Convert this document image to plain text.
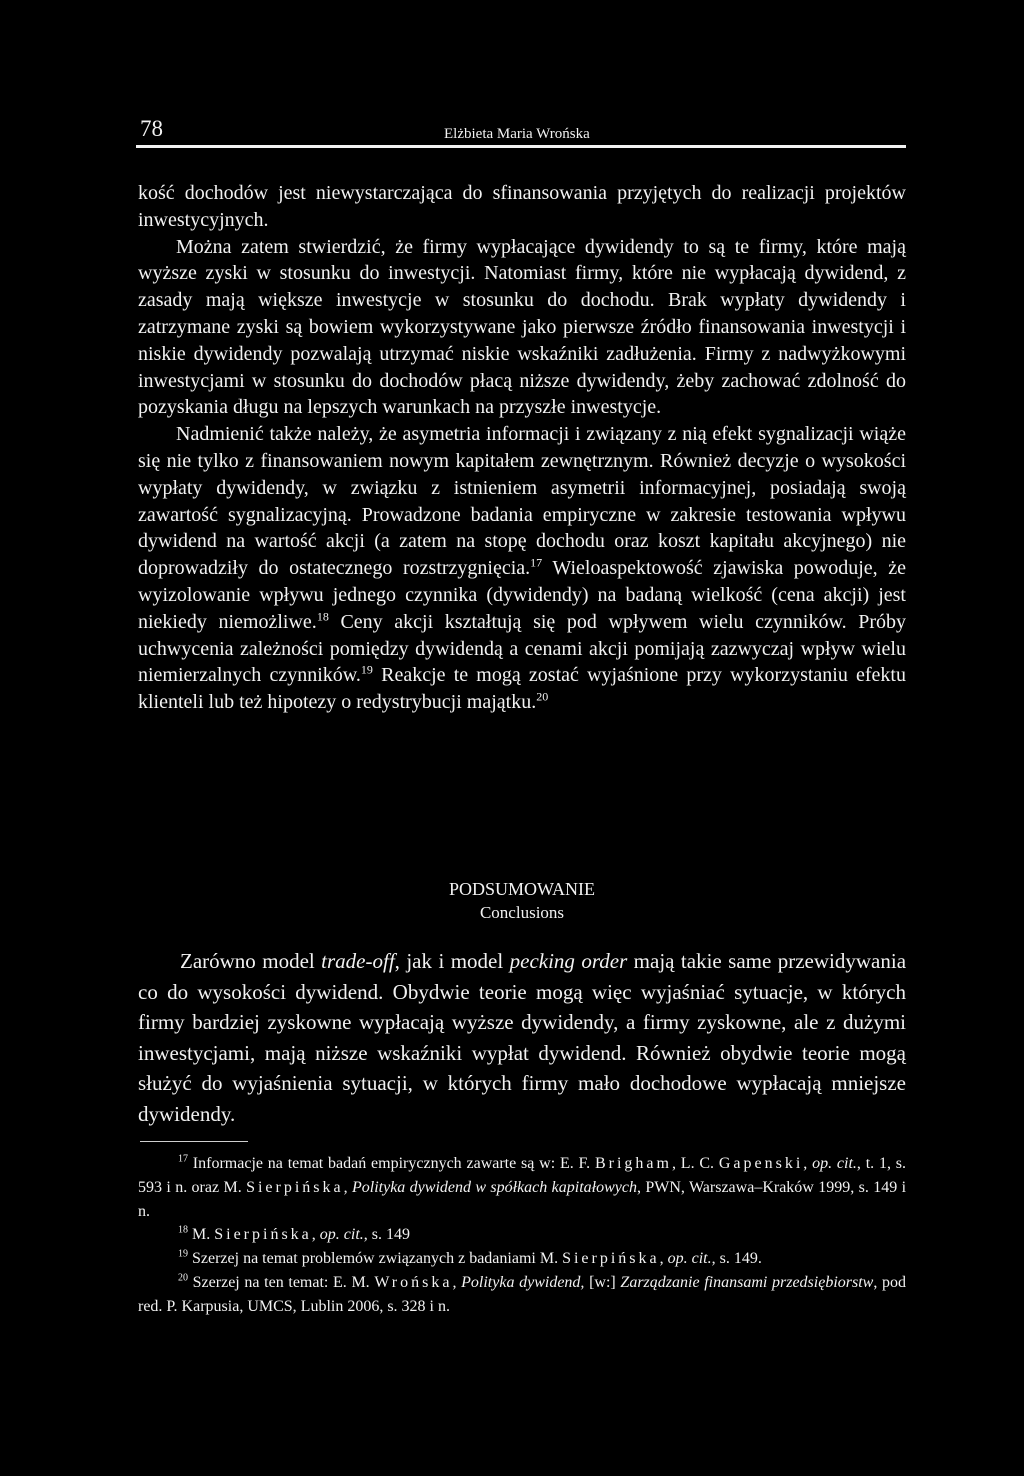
78	Elżbieta Maria Wrońska

kość dochodów jest niewystarczająca do sfinansowania przyjętych do realizacji projektów inwestycyjnych.

Można zatem stwierdzić, że firmy wypłacające dywidendy to są te firmy, które mają wyższe zyski w stosunku do inwestycji. Natomiast firmy, które nie wypłacają dywidend, z zasady mają większe inwestycje w stosunku do dochodu. Brak wypłaty dywidendy i zatrzymane zyski są bowiem wykorzystywane jako pierwsze źródło finansowania inwestycji i niskie dywidendy pozwalają utrzymać niskie wskaźniki zadłużenia. Firmy z nadwyżkowymi inwestycjami w stosunku do dochodów płacą niższe dywidendy, żeby zachować zdolność do pozyskania długu na lepszych warunkach na przyszłe inwestycje.

Nadmienić także należy, że asymetria informacji i związany z nią efekt sygnalizacji wiąże się nie tylko z finansowaniem nowym kapitałem zewnętrznym. Również decyzje o wysokości wypłaty dywidendy, w związku z istnieniem asymetrii informacyjnej, posiadają swoją zawartość sygnalizacyjną. Prowadzone badania empiryczne w zakresie testowania wpływu dywidend na wartość akcji (a zatem na stopę dochodu oraz koszt kapitału akcyjnego) nie doprowadziły do ostatecznego rozstrzygnięcia.$^{17}$ Wieloaspektowość zjawiska powoduje, że wyizolowanie wpływu jednego czynnika (dywidendy) na badaną wielkość (cena akcji) jest niekiedy niemożliwe.$^{18}$ Ceny akcji kształtują się pod wpływem wielu czynników. Próby uchwycenia zależności pomiędzy dywidendą a cenami akcji pomijają zazwyczaj wpływ wielu niemierzalnych czynników.$^{19}$ Reakcje te mogą zostać wyjaśnione przy wykorzystaniu efektu klienteli lub też hipotezy o redystrybucji majątku.$^{20}$

PODSUMOWANIE
Conclusions

Zarówno model trade-off, jak i model pecking order mają takie same przewidywania co do wysokości dywidend. Obydwie teorie mogą więc wyjaśniać sytuacje, w których firmy bardziej zyskowne wypłacają wyższe dywidendy, a firmy zyskowne, ale z dużymi inwestycjami, mają niższe wskaźniki wypłat dywidend. Również obydwie teorie mogą służyć do wyjaśnienia sytuacji, w których firmy mało dochodowe wypłacają mniejsze dywidendy.

$^{17}$ Informacje na temat badań empirycznych zawarte są w: E. F. Brigham, L. C. Gapenski, op. cit., t. 1, s. 593 i n. oraz M. Sierpińska, Polityka dywidend w spółkach kapitałowych, PWN, Warszawa–Kraków 1999, s. 149 i n.

$^{18}$ M. Sierpińska, op. cit., s. 149

$^{19}$ Szerzej na temat problemów związanych z badaniami M. Sierpińska, op. cit., s. 149.

$^{20}$ Szerzej na ten temat: E. M. Wrońska, Polityka dywidend, [w:] Zarządzanie finansami przedsiębiorstw, pod red. P. Karpusia, UMCS, Lublin 2006, s. 328 i n.
